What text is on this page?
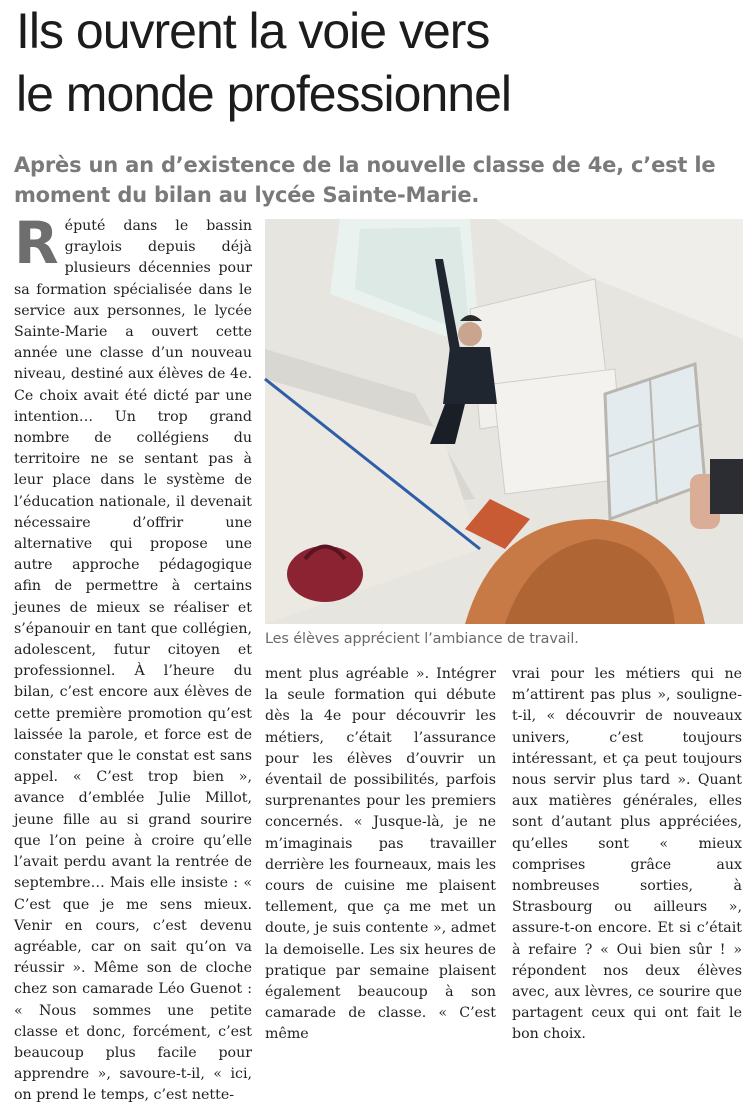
Ils ouvrent la voie vers
le monde professionnel

Après un an d’existence de la nouvelle classe de 4e, c’est le moment du bilan au lycée Sainte-Marie.

Réputé dans le bassin graylois depuis déjà plusieurs décennies pour sa formation spécialisée dans le service aux personnes, le lycée Sainte-Marie a ouvert cette année une classe d’un nouveau niveau, destiné aux élèves de 4e. Ce choix avait été dicté par une intention… Un trop grand nombre de collégiens du territoire ne se sentant pas à leur place dans le système de l’éducation nationale, il devenait nécessaire d’offrir une alternative qui propose une autre approche pédagogique afin de permettre à certains jeunes de mieux se réaliser et s’épanouir en tant que collégien, adolescent, futur citoyen et professionnel. À l’heure du bilan, c’est encore aux élèves de cette première promotion qu’est laissée la parole, et force est de constater que le constat est sans appel. « C’est trop bien », avance d’emblée Julie Millot, jeune fille au si grand sourire que l’on peine à croire qu’elle l’avait perdu avant la rentrée de septembre… Mais elle insiste : « C’est que je me sens mieux. Venir en cours, c’est devenu agréable, car on sait qu’on va réussir ». Même son de cloche chez son camarade Léo Guenot : « Nous sommes une petite classe et donc, forcément, c’est beaucoup plus facile pour apprendre », savoure-t-il, « ici, on prend le temps, c’est nette-
Les élèves apprécient l’ambiance de travail.
ment plus agréable ». Intégrer la seule formation qui débute dès la 4e pour découvrir les métiers, c’était l’assurance pour les élèves d’ouvrir un éventail de possibilités, parfois surprenantes pour les premiers concernés. « Jusque-là, je ne m’imaginais pas travailler derrière les fourneaux, mais les cours de cuisine me plaisent tellement, que ça me met un doute, je suis contente », admet la demoiselle. Les six heures de pratique par semaine plaisent également beaucoup à son camarade de classe. « C’est même
vrai pour les métiers qui ne m’attirent pas plus », souligne-t-il, « découvrir de nouveaux univers, c’est toujours intéressant, et ça peut toujours nous servir plus tard ». Quant aux matières générales, elles sont d’autant plus appréciées, qu’elles sont « mieux comprises grâce aux nombreuses sorties, à Strasbourg ou ailleurs », assure-t-on encore. Et si c’était à refaire ? « Oui bien sûr ! » répondent nos deux élèves avec, aux lèvres, ce sourire que partagent ceux qui ont fait le bon choix.
